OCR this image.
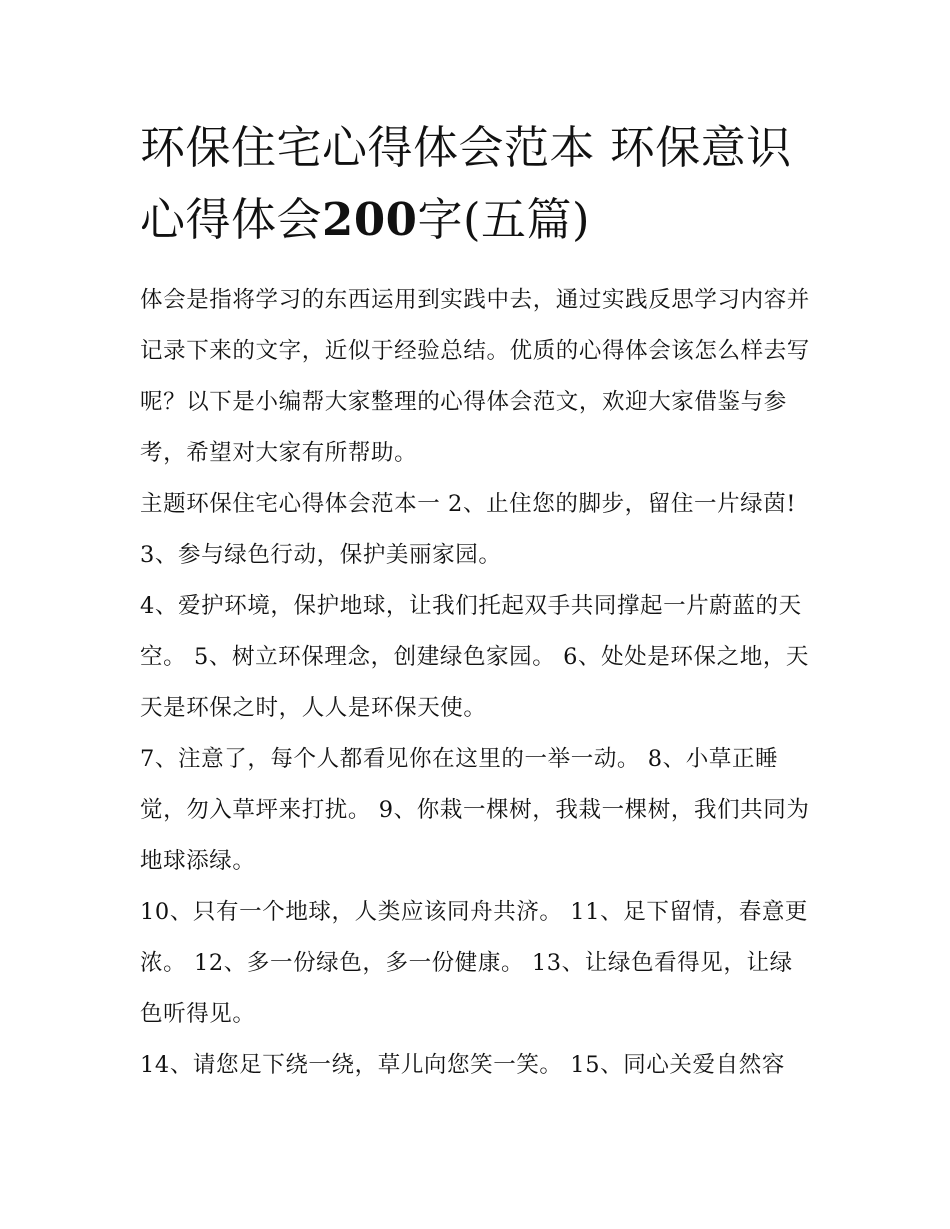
环保住宅心得体会范本 环保意识心得体会200字(五篇)

体会是指将学习的东西运用到实践中去，通过实践反思学习内容并记录下来的文字，近似于经验总结。优质的心得体会该怎么样去写呢？以下是小编帮大家整理的心得体会范文，欢迎大家借鉴与参考，希望对大家有所帮助。

主题环保住宅心得体会范本一 2、止住您的脚步，留住一片绿茵! 3、参与绿色行动，保护美丽家园。

4、爱护环境，保护地球，让我们托起双手共同撑起一片蔚蓝的天空。 5、树立环保理念，创建绿色家园。 6、处处是环保之地，天天是环保之时，人人是环保天使。

7、注意了，每个人都看见你在这里的一举一动。 8、小草正睡觉，勿入草坪来打扰。 9、你栽一棵树，我栽一棵树，我们共同为地球添绿。

10、只有一个地球，人类应该同舟共济。 11、足下留情，春意更浓。 12、多一份绿色，多一份健康。 13、让绿色看得见，让绿色听得见。

14、请您足下绕一绕，草儿向您笑一笑。 15、同心关爱自然容
